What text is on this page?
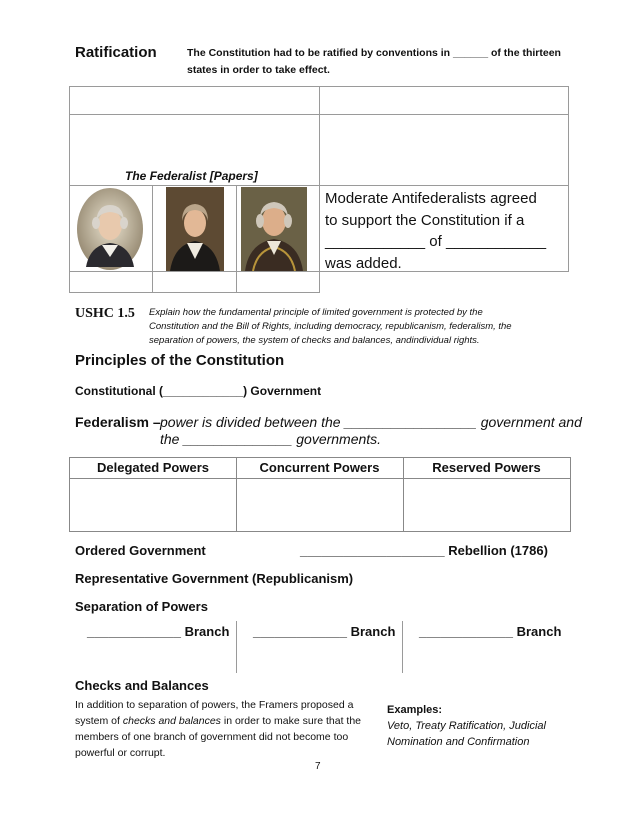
Ratification	The Constitution had to be ratified by conventions in ______ of the thirteen
states in order to take effect.
The Federalist [Papers]
Moderate Antifederalists agreed
to support the Constitution if a
____________ of ____________
was added.
USHC 1.5 Explain how the fundamental principle of limited government is protected by the
Constitution and the Bill of Rights, including democracy, republicanism, federalism, the
separation of powers, the system of checks and balances, andindividual rights.
Principles of the Constitution
Constitutional (____________) Government
Federalism – power is divided between the _________________ government and
the ______________ governments.
Delegated Powers	Concurrent Powers	Reserved Powers
Ordered Government	____________________ Rebellion (1786)
Representative Government (Republicanism)
Separation of Powers
_____________ Branch _____________ Branch _____________ Branch
Checks and Balances
In addition to separation of powers, the Framers proposed a
system of checks and balances in order to make sure that the
members of one branch of government did not become too
powerful or corrupt.
Examples:
Veto, Treaty Ratification, Judicial
Nomination and Confirmation
7
